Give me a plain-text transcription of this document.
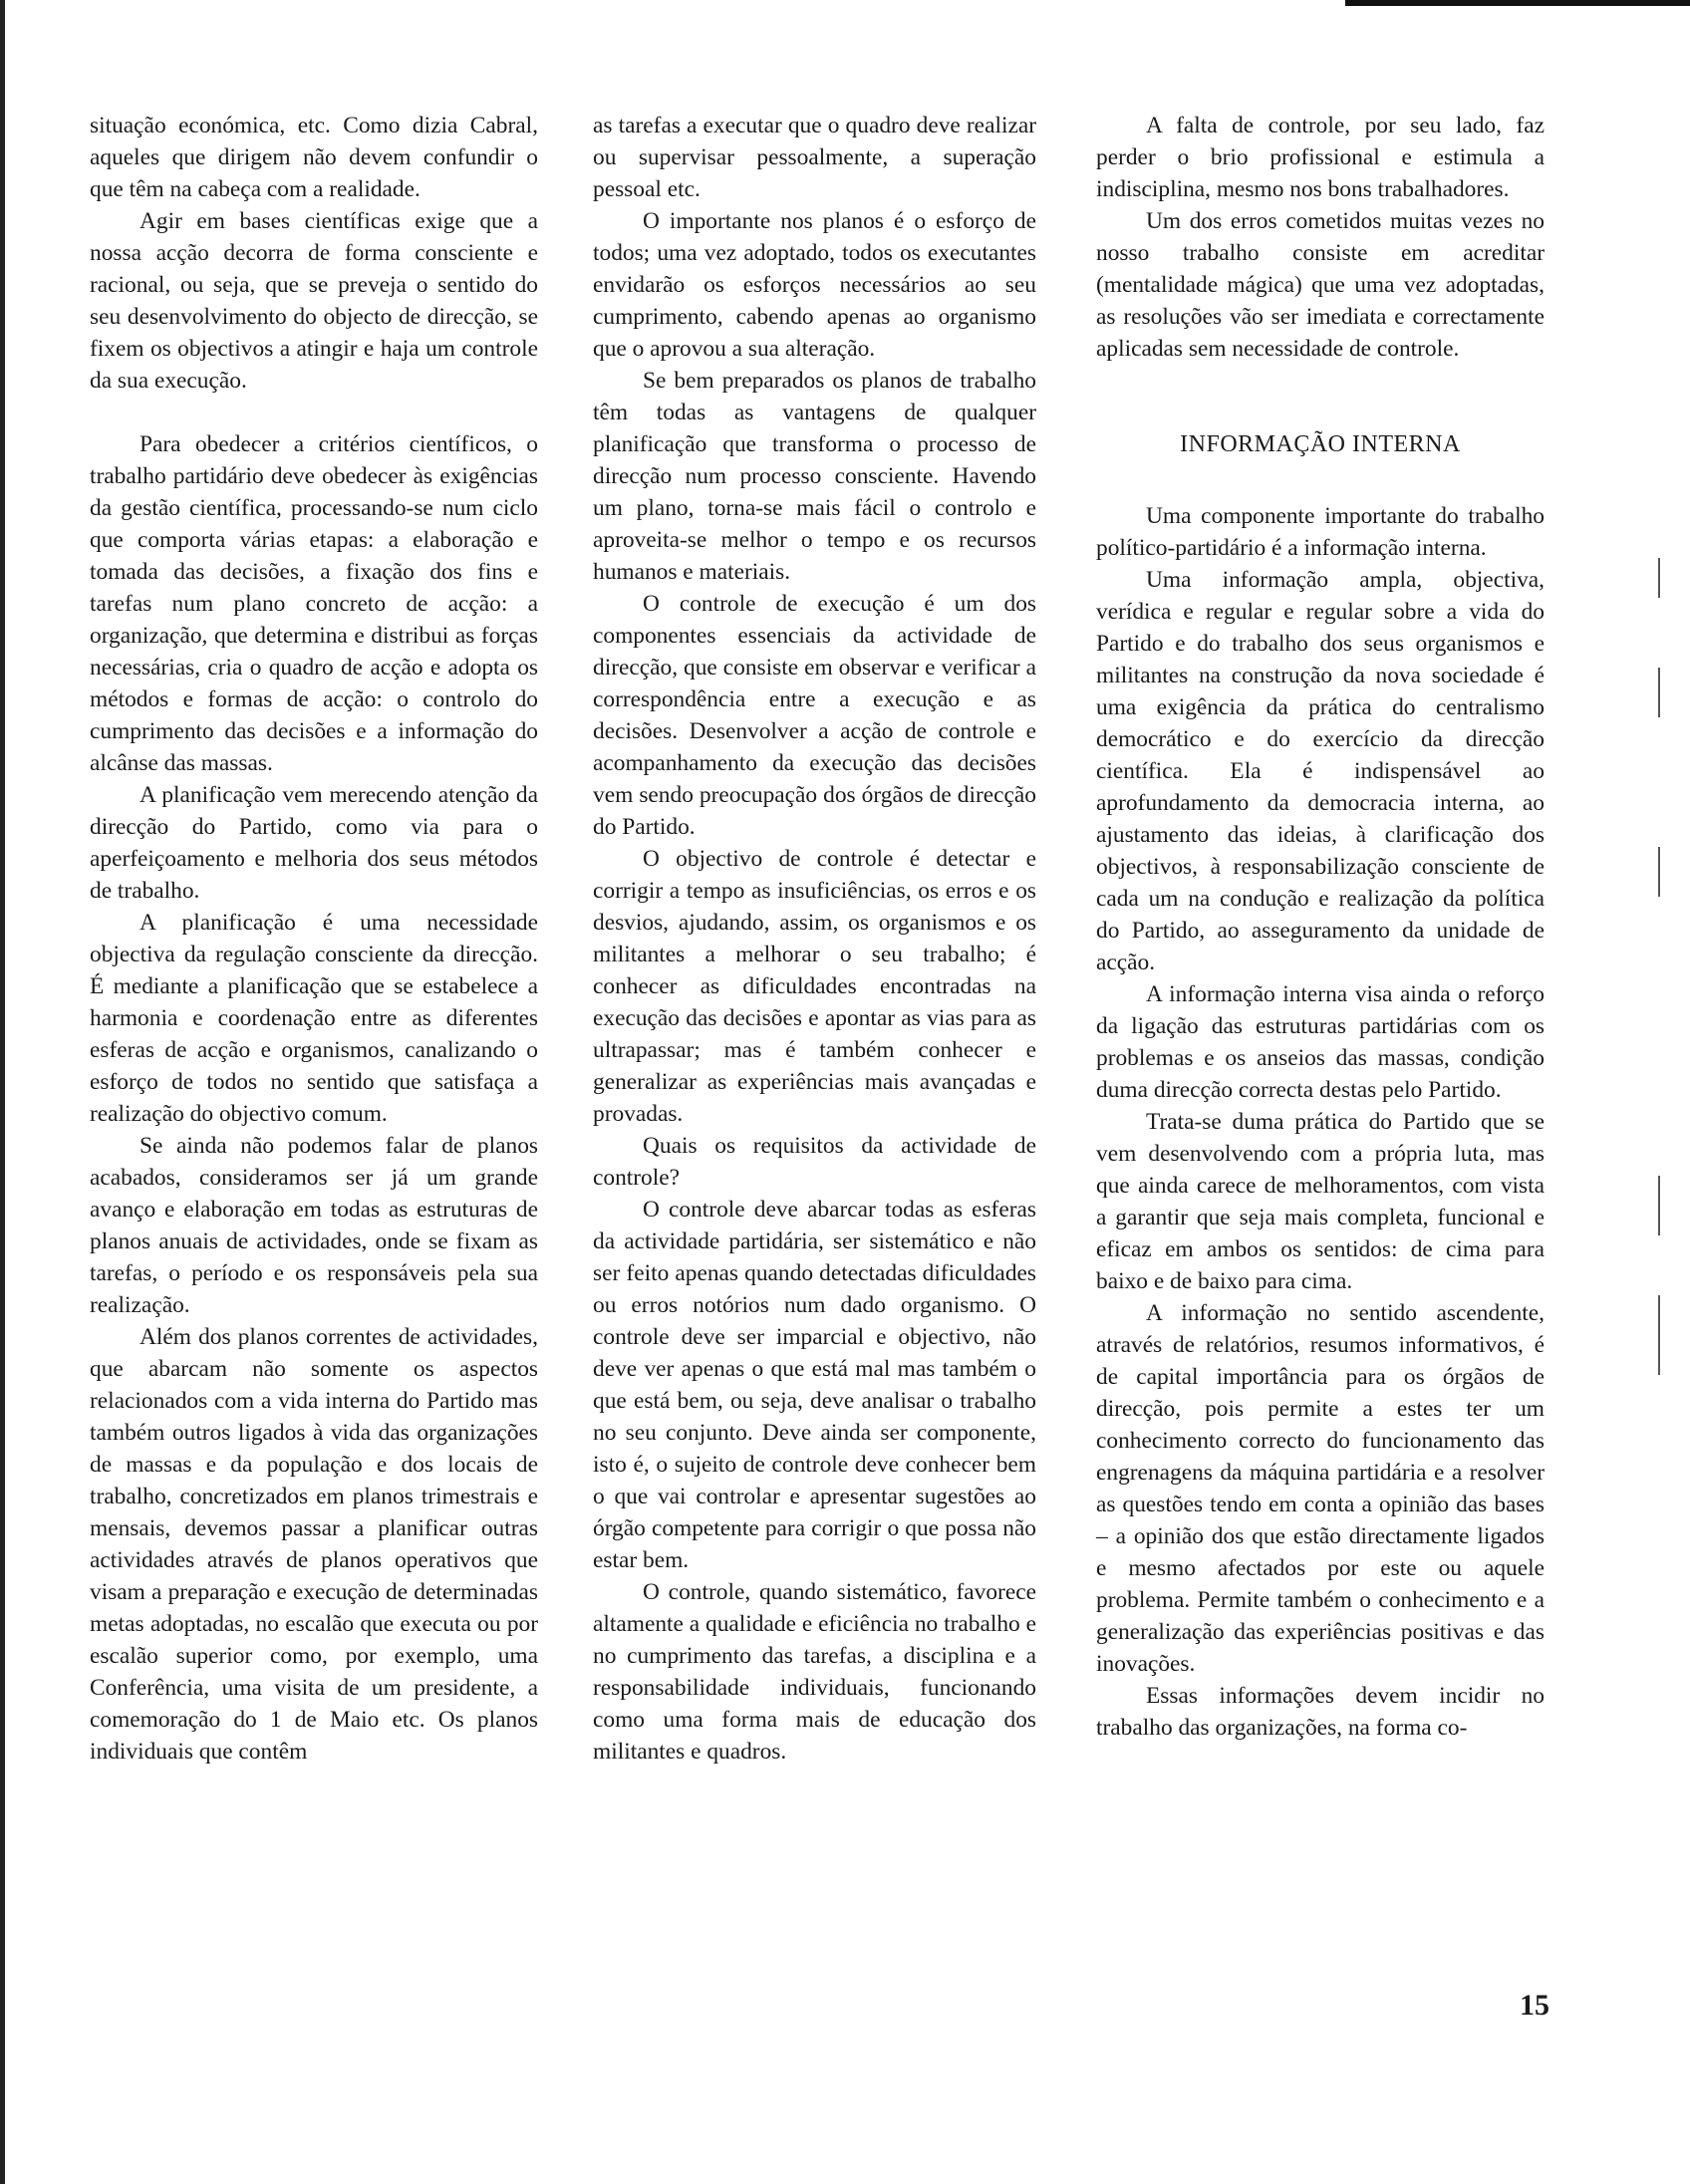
situação económica, etc. Como dizia Cabral, aqueles que dirigem não devem confundir o que têm na cabeça com a realidade.

Agir em bases científicas exige que a nossa acção decorra de forma consciente e racional, ou seja, que se preveja o sentido do seu desenvolvimento do objecto de direcção, se fixem os objectivos a atingir e haja um controle da sua execução.

Para obedecer a critérios científicos, o trabalho partidário deve obedecer às exigências da gestão científica, processando-se num ciclo que comporta várias etapas: a elaboração e tomada das decisões, a fixação dos fins e tarefas num plano concreto de acção: a organização, que determina e distribui as forças necessárias, cria o quadro de acção e adopta os métodos e formas de acção: o controlo do cumprimento das decisões e a informação do alcânse das massas.

A planificação vem merecendo atenção da direcção do Partido, como via para o aperfeiçoamento e melhoria dos seus métodos de trabalho.

A planificação é uma necessidade objectiva da regulação consciente da direcção. É mediante a planificação que se estabelece a harmonia e coordenação entre as diferentes esferas de acção e organismos, canalizando o esforço de todos no sentido que satisfaça a realização do objectivo comum.

Se ainda não podemos falar de planos acabados, consideramos ser já um grande avanço e elaboração em todas as estruturas de planos anuais de actividades, onde se fixam as tarefas, o período e os responsáveis pela sua realização.

Além dos planos correntes de actividades, que abarcam não somente os aspectos relacionados com a vida interna do Partido mas também outros ligados à vida das organizações de massas e da população e dos locais de trabalho, concretizados em planos trimestrais e mensais, devemos passar a planificar outras actividades através de planos operativos que visam a preparação e execução de determinadas metas adoptadas, no escalão que executa ou por escalão superior como, por exemplo, uma Conferência, uma visita de um presidente, a comemoração do 1 de Maio etc. Os planos individuais que contêm

as tarefas a executar que o quadro deve realizar ou supervisar pessoalmente, a superação pessoal etc.

O importante nos planos é o esforço de todos; uma vez adoptado, todos os executantes envidarão os esforços necessários ao seu cumprimento, cabendo apenas ao organismo que o aprovou a sua alteração.

Se bem preparados os planos de trabalho têm todas as vantagens de qualquer planificação que transforma o processo de direcção num processo consciente. Havendo um plano, torna-se mais fácil o controlo e aproveita-se melhor o tempo e os recursos humanos e materiais.

O controle de execução é um dos componentes essenciais da actividade de direcção, que consiste em observar e verificar a correspondência entre a execução e as decisões. Desenvolver a acção de controle e acompanhamento da execução das decisões vem sendo preocupação dos órgãos de direcção do Partido.

O objectivo de controle é detectar e corrigir a tempo as insuficiências, os erros e os desvios, ajudando, assim, os organismos e os militantes a melhorar o seu trabalho; é conhecer as dificuldades encontradas na execução das decisões e apontar as vias para as ultrapassar; mas é também conhecer e generalizar as experiências mais avançadas e provadas.

Quais os requisitos da actividade de controle?

O controle deve abarcar todas as esferas da actividade partidária, ser sistemático e não ser feito apenas quando detectadas dificuldades ou erros notórios num dado organismo. O controle deve ser imparcial e objectivo, não deve ver apenas o que está mal mas também o que está bem, ou seja, deve analisar o trabalho no seu conjunto. Deve ainda ser componente, isto é, o sujeito de controle deve conhecer bem o que vai controlar e apresentar sugestões ao órgão competente para corrigir o que possa não estar bem.

O controle, quando sistemático, favorece altamente a qualidade e eficiência no trabalho e no cumprimento das tarefas, a disciplina e a responsabilidade individuais, funcionando como uma forma mais de educação dos militantes e quadros.

A falta de controle, por seu lado, faz perder o brio profissional e estimula a indisciplina, mesmo nos bons trabalhadores.

Um dos erros cometidos muitas vezes no nosso trabalho consiste em acreditar (mentalidade mágica) que uma vez adoptadas, as resoluções vão ser imediata e correctamente aplicadas sem necessidade de controle.

INFORMAÇÃO INTERNA

Uma componente importante do trabalho político-partidário é a informação interna.

Uma informação ampla, objectiva, verídica e regular e regular sobre a vida do Partido e do trabalho dos seus organismos e militantes na construção da nova sociedade é uma exigência da prática do centralismo democrático e do exercício da direcção científica. Ela é indispensável ao aprofundamento da democracia interna, ao ajustamento das ideias, à clarificação dos objectivos, à responsabilização consciente de cada um na condução e realização da política do Partido, ao asseguramento da unidade de acção.

A informação interna visa ainda o reforço da ligação das estruturas partidárias com os problemas e os anseios das massas, condição duma direcção correcta destas pelo Partido.

Trata-se duma prática do Partido que se vem desenvolvendo com a própria luta, mas que ainda carece de melhoramentos, com vista a garantir que seja mais completa, funcional e eficaz em ambos os sentidos: de cima para baixo e de baixo para cima.

A informação no sentido ascendente, através de relatórios, resumos informativos, é de capital importância para os órgãos de direcção, pois permite a estes ter um conhecimento correcto do funcionamento das engrenagens da máquina partidária e a resolver as questões tendo em conta a opinião das bases – a opinião dos que estão directamente ligados e mesmo afectados por este ou aquele problema. Permite também o conhecimento e a generalização das experiências positivas e das inovações.

Essas informações devem incidir no trabalho das organizações, na forma co-

15
